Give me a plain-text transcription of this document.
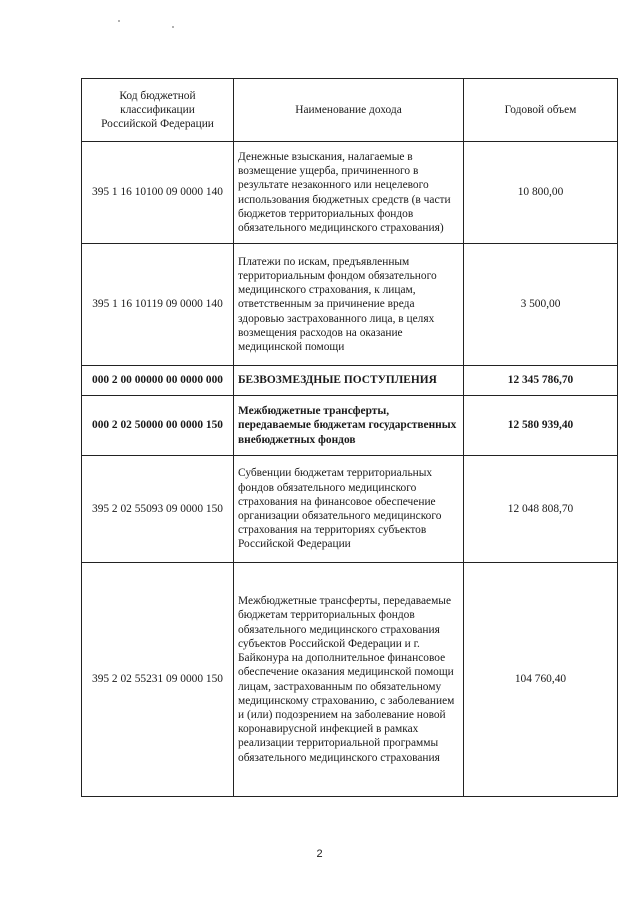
Код бюджетной классификации Российской Федерации	Наименование дохода	Годовой объем
395 1 16 10100 09 0000 140	Денежные взыскания, налагаемые в возмещение ущерба, причиненного в результате незаконного или нецелевого использования бюджетных средств (в части бюджетов территориальных фондов обязательного медицинского страхования)	10 800,00
395 1 16 10119 09 0000 140	Платежи по искам, предъявленным территориальным фондом обязательного медицинского страхования, к лицам, ответственным за причинение вреда здоровью застрахованного лица, в целях возмещения расходов на оказание медицинской помощи	3 500,00
000 2 00 00000 00 0000 000	БЕЗВОЗМЕЗДНЫЕ ПОСТУПЛЕНИЯ	12 345 786,70
000 2 02 50000 00 0000 150	Межбюджетные трансферты, передаваемые бюджетам государственных внебюджетных фондов	12 580 939,40
395 2 02 55093 09 0000 150	Субвенции бюджетам территориальных фондов обязательного медицинского страхования на финансовое обеспечение организации обязательного медицинского страхования на территориях субъектов Российской Федерации	12 048 808,70
395 2 02 55231 09 0000 150	Межбюджетные трансферты, передаваемые бюджетам территориальных фондов обязательного медицинского страхования субъектов Российской Федерации и г. Байконура на дополнительное финансовое обеспечение оказания медицинской помощи лицам, застрахованным по обязательному медицинскому страхованию, с заболеванием и (или) подозрением на заболевание новой коронавирусной инфекцией в рамках реализации территориальной программы обязательного медицинского страхования	104 760,40
2
